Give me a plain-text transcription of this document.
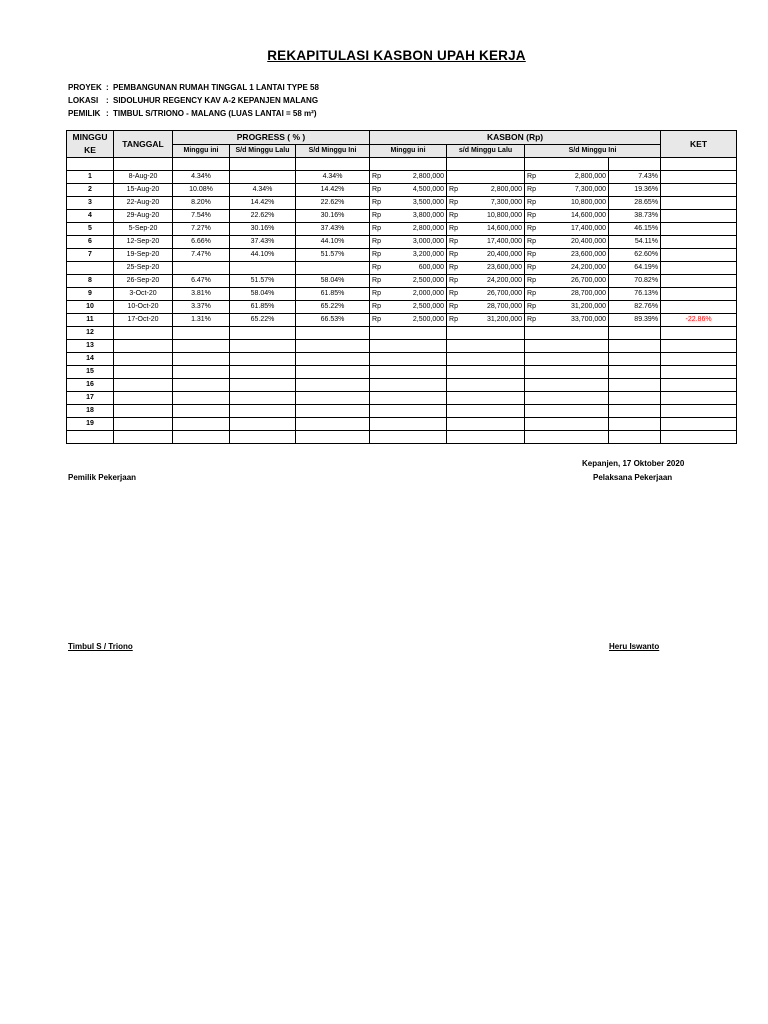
REKAPITULASI KASBON UPAH KERJA
PROYEK : PEMBANGUNAN RUMAH TINGGAL 1 LANTAI TYPE 58
LOKASI : SIDOLUHUR REGENCY KAV A-2 KEPANJEN MALANG
PEMILIK : TIMBUL S/TRIONO - MALANG (LUAS LANTAI = 58 m²)
MINGGU KE	TANGGAL	PROGRESS ( % )			KASBON (Rp)				KET
		Minggu ini	S/d Minggu Lalu	S/d Minggu Ini	Minggu ini	s/d Minggu Lalu	S/d Minggu Ini		

1	8-Aug-20	4.34%		4.34%	Rp 2,800,000		Rp 2,800,000	7.43%	
2	15-Aug-20	10.08%	4.34%	14.42%	Rp 4,500,000	Rp 2,800,000	Rp 7,300,000	19.36%	
3	22-Aug-20	8.20%	14.42%	22.62%	Rp 3,500,000	Rp 7,300,000	Rp 10,800,000	28.65%	
4	29-Aug-20	7.54%	22.62%	30.16%	Rp 3,800,000	Rp 10,800,000	Rp 14,600,000	38.73%	
5	5-Sep-20	7.27%	30.16%	37.43%	Rp 2,800,000	Rp 14,600,000	Rp 17,400,000	46.15%	
6	12-Sep-20	6.66%	37.43%	44.10%	Rp 3,000,000	Rp 17,400,000	Rp 20,400,000	54.11%	
7	19-Sep-20	7.47%	44.10%	51.57%	Rp 3,200,000	Rp 20,400,000	Rp 23,600,000	62.60%	
	25-Sep-20				Rp 600,000	Rp 23,600,000	Rp 24,200,000	64.19%	
8	26-Sep-20	6.47%	51.57%	58.04%	Rp 2,500,000	Rp 24,200,000	Rp 26,700,000	70.82%	
9	3-Oct-20	3.81%	58.04%	61.85%	Rp 2,000,000	Rp 26,700,000	Rp 28,700,000	76.13%	
10	10-Oct-20	3.37%	61.85%	65.22%	Rp 2,500,000	Rp 28,700,000	Rp 31,200,000	82.76%	
11	17-Oct-20	1.31%	65.22%	66.53%	Rp 2,500,000	Rp 31,200,000	Rp 33,700,000	89.39%	-22.86%
12									
13									
14									
15									
16									
17									
18									
19									

Kepanjen, 17 Oktober 2020
Pemilik Pekerjaan	Pelaksana Pekerjaan
Timbul S / Triono	Heru Iswanto
